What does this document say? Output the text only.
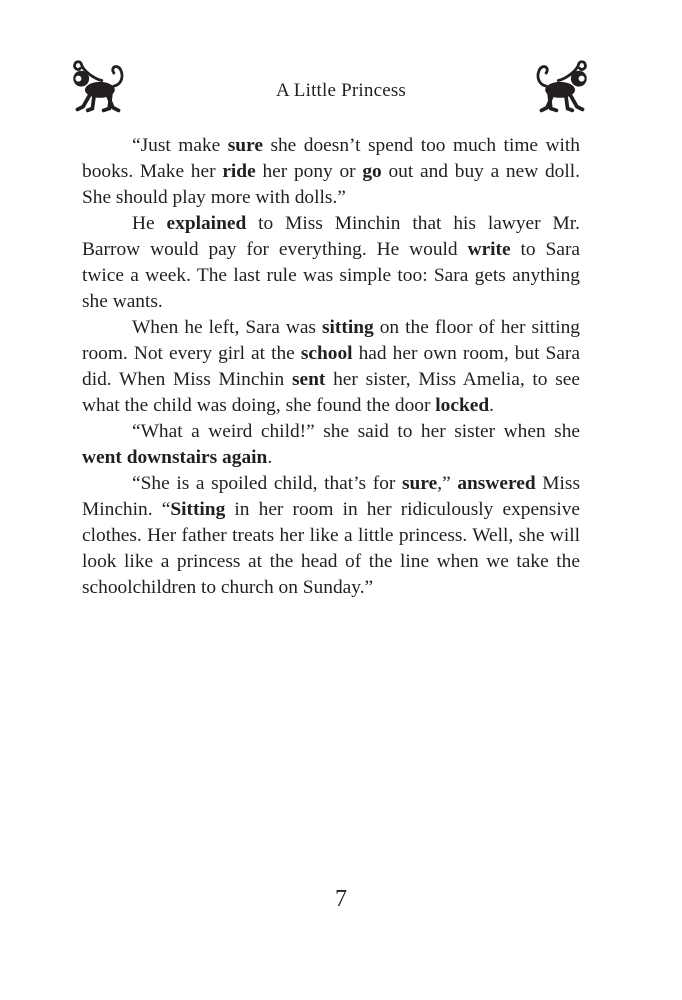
A Little Princess

“Just make sure she doesn’t spend too much time with books. Make her ride her pony or go out and buy a new doll. She should play more with dolls.”

He explained to Miss Minchin that his lawyer Mr. Barrow would pay for everything. He would write to Sara twice a week. The last rule was simple too: Sara gets anything she wants.

When he left, Sara was sitting on the floor of her sitting room. Not every girl at the school had her own room, but Sara did. When Miss Minchin sent her sister, Miss Amelia, to see what the child was doing, she found the door locked.

“What a weird child!” she said to her sister when she went downstairs again.

“She is a spoiled child, that’s for sure,” answered Miss Minchin. “Sitting in her room in her ridiculously expensive clothes. Her father treats her like a little princess. Well, she will look like a princess at the head of the line when we take the schoolchildren to church on Sunday.”

7
